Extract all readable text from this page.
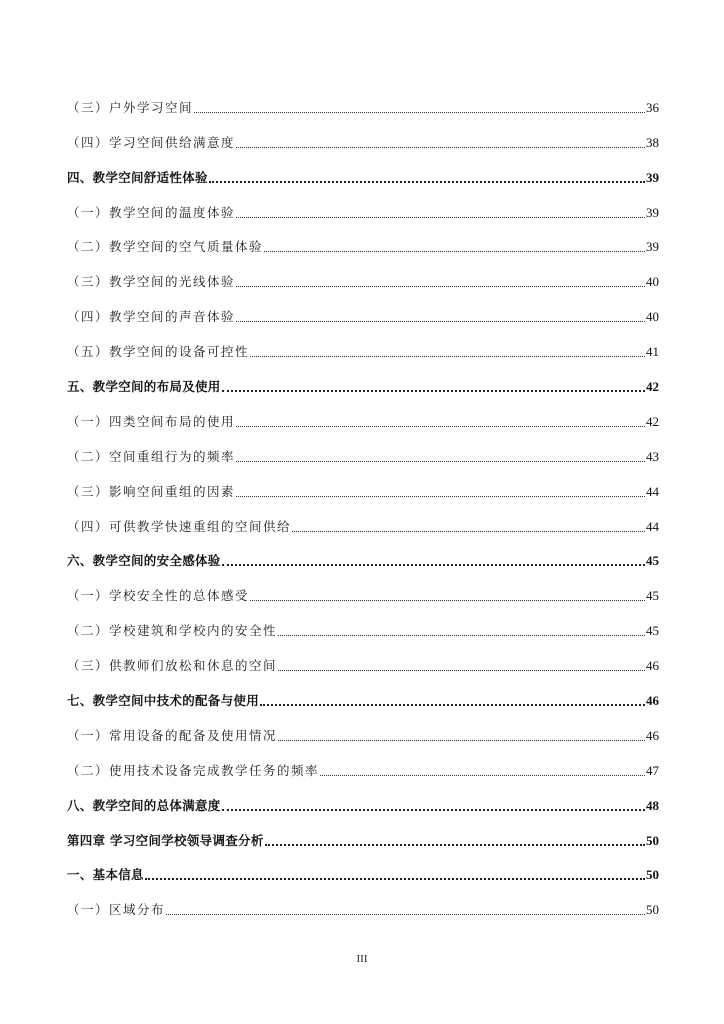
（三）户外学习空间	36
（四）学习空间供给满意度	38
四、教学空间舒适性体验	39
（一）教学空间的温度体验	39
（二）教学空间的空气质量体验	39
（三）教学空间的光线体验	40
（四）教学空间的声音体验	40
（五）教学空间的设备可控性	41
五、教学空间的布局及使用	42
（一）四类空间布局的使用	42
（二）空间重组行为的频率	43
（三）影响空间重组的因素	44
（四）可供教学快速重组的空间供给	44
六、教学空间的安全感体验	45
（一）学校安全性的总体感受	45
（二）学校建筑和学校内的安全性	45
（三）供教师们放松和休息的空间	46
七、教学空间中技术的配备与使用	46
（一）常用设备的配备及使用情况	46
（二）使用技术设备完成教学任务的频率	47
八、教学空间的总体满意度	48
第四章 学习空间学校领导调查分析	50
一、基本信息	50
（一）区域分布	50
III
